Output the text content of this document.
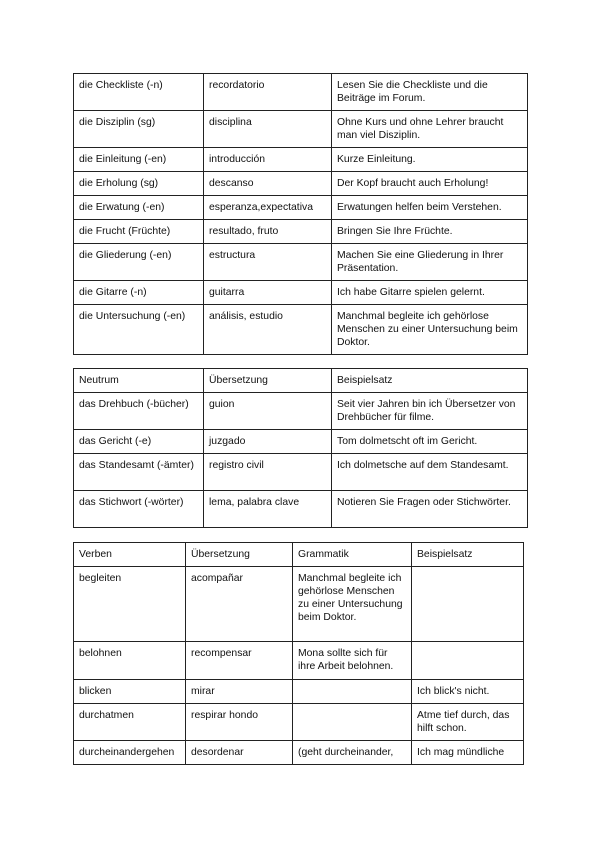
die Checkliste (-n)	recordatorio	Lesen Sie die Checkliste und die Beiträge im Forum.
die Disziplin (sg)	disciplina	Ohne Kurs und ohne Lehrer braucht man viel Disziplin.
die Einleitung (-en)	introducción	Kurze Einleitung.
die Erholung (sg)	descanso	Der Kopf braucht auch Erholung!
die Erwatung (-en)	esperanza,expectativa	Erwatungen helfen beim Verstehen.
die Frucht (Früchte)	resultado, fruto	Bringen Sie Ihre Früchte.
die Gliederung (-en)	estructura	Machen Sie eine Gliederung in Ihrer Präsentation.
die Gitarre (-n)	guitarra	Ich habe Gitarre spielen gelernt.
die Untersuchung (-en)	análisis, estudio	Manchmal begleite ich gehörlose Menschen zu einer Untersuchung beim Doktor.
Neutrum	Übersetzung	Beispielsatz
das Drehbuch (-bücher)	guion	Seit vier Jahren bin ich Übersetzer von Drehbücher für filme.
das Gericht (-e)	juzgado	Tom dolmetscht oft im Gericht.
das Standesamt (-ämter)	registro civil	Ich dolmetsche auf dem Standesamt.
das Stichwort (-wörter)	lema, palabra clave	Notieren Sie Fragen oder Stichwörter.
Verben	Übersetzung	Grammatik	Beispielsatz
begleiten	acompañar	Manchmal begleite ich gehörlose Menschen zu einer Untersuchung beim Doktor.	
belohnen	recompensar	Mona sollte sich für ihre Arbeit belohnen.	
blicken	mirar		Ich blick's nicht.
durchatmen	respirar hondo		Atme tief durch, das hilft schon.
durcheinandergehen	desordenar	(geht durcheinander,	Ich mag mündliche
